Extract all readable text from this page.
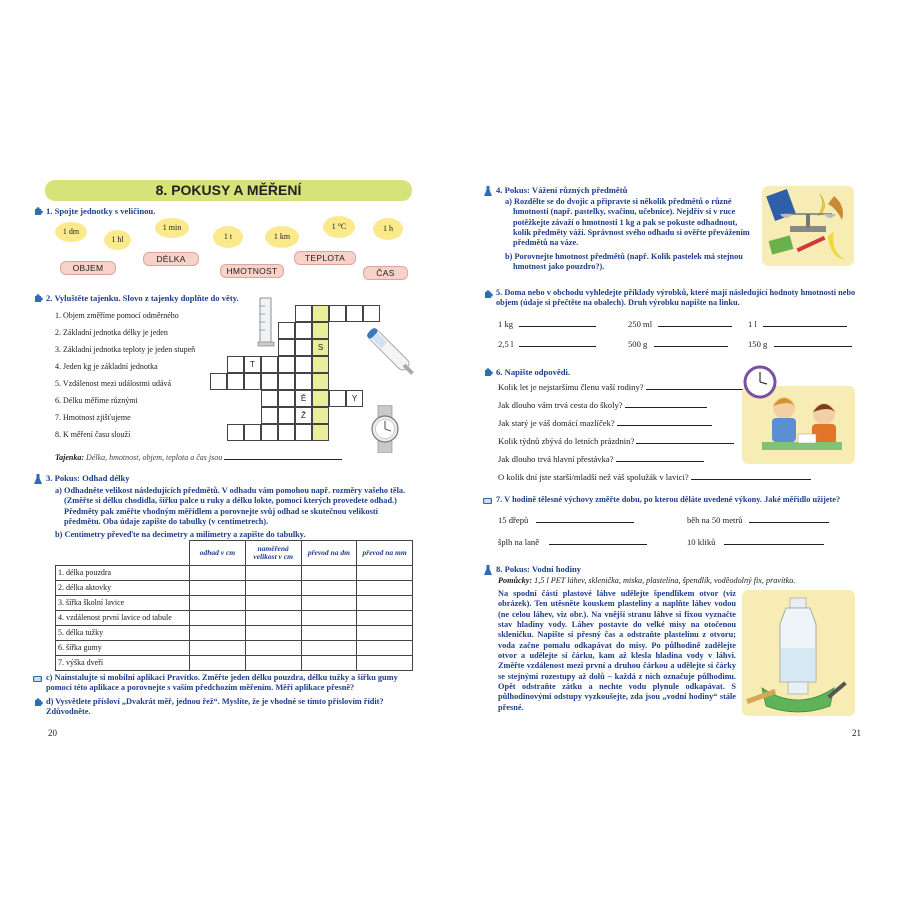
8. POKUSY A MĚŘENÍ
1. Spojte jednotky s veličinou.
1 dm
1 hl
1 min
1 t	1 km
1 °C	1 h
OBJEM
DÉLKA
HMOTNOST
TEPLOTA
ČAS
2. Vyluštěte tajenku. Slovo z tajenky doplňte do věty.
1. Objem změříme pomocí odměrného
2. Základní jednotka délky je jeden
3. Základní jednotka teploty je jeden stupeň
4. Jeden kg je základní jednotka
5. Vzdálenost mezi událostmi udává
6. Délku měříme různými
7. Hmotnost zjišťujeme
8. K měření času slouží
S
T
Ě	Y
Ž
Tajenka: Délka, hmotnost, objem, teplota a čas jsou
3. Pokus: Odhad délky
a) Odhadněte velikost následujících předmětů. V odhadu vám pomohou např. rozměry vašeho těla. (Změřte si délku chodidla, šířku palce u ruky a délku lokte, pomocí kterých provedete odhad.) Předměty pak změřte vhodným měřidlem a porovnejte svůj odhad se skutečnou velikostí předmětu. Oba údaje zapište do tabulky (v centimetrech).
b) Centimetry převeďte na decimetry a milimetry a zapište do tabulky.
	odhad v cm	naměřená velikost v cm	převod na dm	převod na mm
1. délka pouzdra				
2. délka aktovky				
3. šířka školní lavice				
4. vzdálenost první lavice od tabule				
5. délka tužky				
6. šířka gumy				
7. výška dveří				
c) Nainstalujte si mobilní aplikaci Pravítko. Změřte jeden délku pouzdra, délku tužky a šířku gumy pomocí této aplikace a porovnejte s vaším předchozím měřením. Měří aplikace přesně?
d) Vysvětlete přísloví „Dvakrát měř, jednou řež“. Myslíte, že je vhodné se tímto příslovím řídit? Zdůvodněte.
20
4. Pokus: Vážení různých předmětů
a) Rozdělte se do dvojic a připravte si několik předmětů o různé hmotnosti (např. pastelky, svačinu, učebnice). Nejdřív si v ruce potěžkejte závaží o hmotnosti 1 kg a pak se pokuste odhadnout, kolik předměty váží. Správnost svého odhadu si ověřte převážením předmětů na váze.
b) Porovnejte hmotnost předmětů (např. Kolik pastelek má stejnou hmotnost jako pouzdro?).
5. Doma nebo v obchodu vyhledejte příklady výrobků, které mají následující hodnoty hmotnosti nebo objem (údaje si přečtěte na obalech). Druh výrobku napište na linku.
1 kg	250 ml	1 l
2,5 l	500 g	150 g
6. Napište odpovědi.
Kolik let je nejstaršímu členu vaší rodiny?
Jak dlouho vám trvá cesta do školy?
Jak starý je váš domácí mazlíček?
Kolik týdnů zbývá do letních prázdnin?
Jak dlouho trvá hlavní přestávka?
O kolik dní jste starší/mladší než váš spolužák v lavici?
7. V hodině tělesné výchovy změřte dobu, po kterou děláte uvedené výkony. Jaké měřidlo užijete?
15 dřepů	běh na 50 metrů
šplh na laně	10 kliků
8. Pokus: Vodní hodiny
Pomůcky: 1,5 l PET láhev, sklenička, miska, plastelína, špendlík, voděodolný fix, pravítko.
Na spodní části plastové láhve udělejte špendlíkem otvor (viz obrázek). Ten utěsněte kouskem plasteliny a naplňte láhev vodou (ne celou láhev, viz obr.). Na vnější stranu láhve si fixou vyznačte stav hladiny vody. Láhev postavte do velké misy na otočenou skleničku. Napište si přesný čas a odstraňte plastelínu z otvoru; voda začne pomalu odkapávat do misy. Po půlhodině zadělejte otvor a udělejte si čárku, kam až klesla hladina vody v láhvi. Změřte vzdálenost mezi první a druhou čárkou a udělejte si čárky se stejnými rozestupy až dolů – každá z nich označuje půlhodinu. Opět odstraňte zátku a nechte vodu plynule odkapávat. S půlhodinovými odstupy vyzkoušejte, zda jsou „vodní hodiny“ stále přesné.
21
